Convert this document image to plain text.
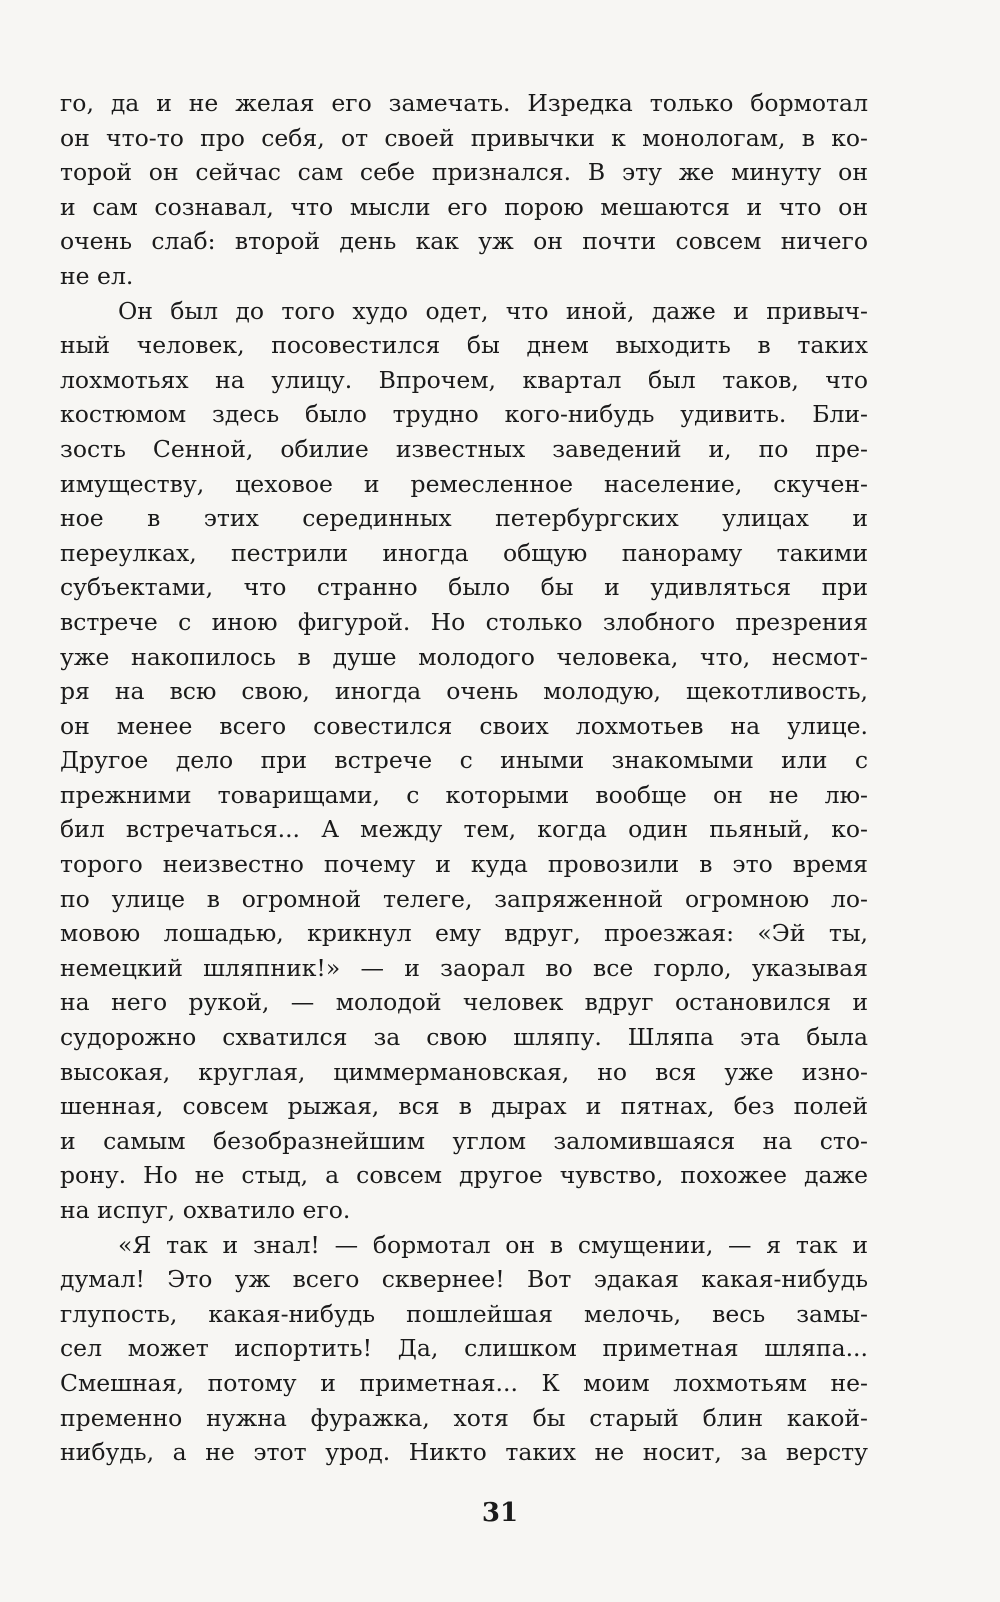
го, да и не желая его замечать. Изредка только бормотал
он что-то про себя, от своей привычки к монологам, в ко-
торой он сейчас сам себе признался. В эту же минуту он
и сам сознавал, что мысли его порою мешаются и что он
очень слаб: второй день как уж он почти совсем ничего
не ел.
Он был до того худо одет, что иной, даже и привыч-
ный человек, посовестился бы днем выходить в таких
лохмотьях на улицу. Впрочем, квартал был таков, что
костюмом здесь было трудно кого-нибудь удивить. Бли-
зость Сенной, обилие известных заведений и, по пре-
имуществу, цеховое и ремесленное население, скучен-
ное в этих серединных петербургских улицах и
переулках, пестрили иногда общую панораму такими
субъектами, что странно было бы и удивляться при
встрече с иною фигурой. Но столько злобного презрения
уже накопилось в душе молодого человека, что, несмот-
ря на всю свою, иногда очень молодую, щекотливость,
он менее всего совестился своих лохмотьев на улице.
Другое дело при встрече с иными знакомыми или с
прежними товарищами, с которыми вообще он не лю-
бил встречаться... А между тем, когда один пьяный, ко-
торого неизвестно почему и куда провозили в это время
по улице в огромной телеге, запряженной огромною ло-
мовою лошадью, крикнул ему вдруг, проезжая: «Эй ты,
немецкий шляпник!» — и заорал во все горло, указывая
на него рукой, — молодой человек вдруг остановился и
судорожно схватился за свою шляпу. Шляпа эта была
высокая, круглая, циммермановская, но вся уже изно-
шенная, совсем рыжая, вся в дырах и пятнах, без полей
и самым безобразнейшим углом заломившаяся на сто-
рону. Но не стыд, а совсем другое чувство, похожее даже
на испуг, охватило его.
«Я так и знал! — бормотал он в смущении, — я так и
думал! Это уж всего сквернее! Вот эдакая какая-нибудь
глупость, какая-нибудь пошлейшая мелочь, весь замы-
сел может испортить! Да, слишком приметная шляпа...
Смешная, потому и приметная... К моим лохмотьям не-
пременно нужна фуражка, хотя бы старый блин какой-
нибудь, а не этот урод. Никто таких не носит, за версту
31
